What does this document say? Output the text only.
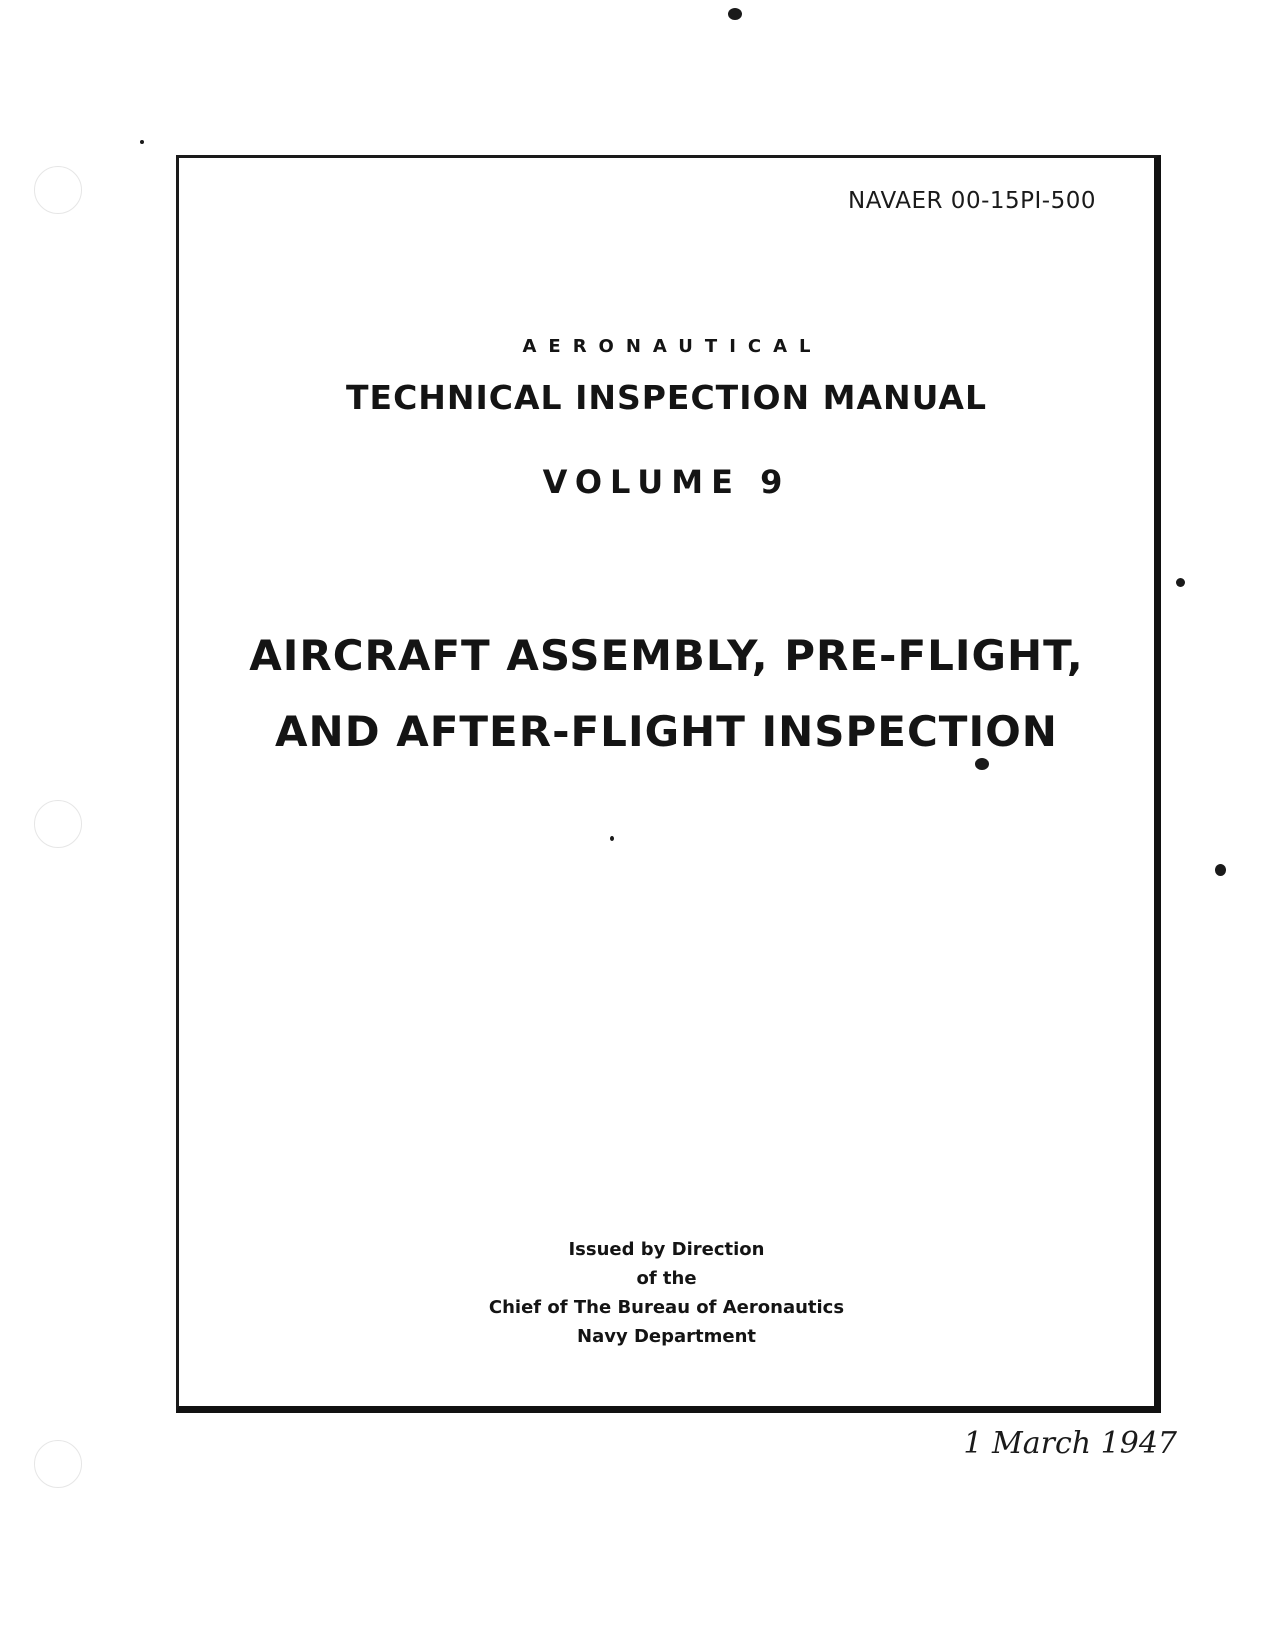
NAVAER 00-15PI-500
AERONAUTICAL
TECHNICAL INSPECTION MANUAL
VOLUME 9
AIRCRAFT ASSEMBLY, PRE-FLIGHT,
AND AFTER-FLIGHT INSPECTION
Issued by Direction
of the
Chief of The Bureau of Aeronautics
Navy Department
1 March 1947
